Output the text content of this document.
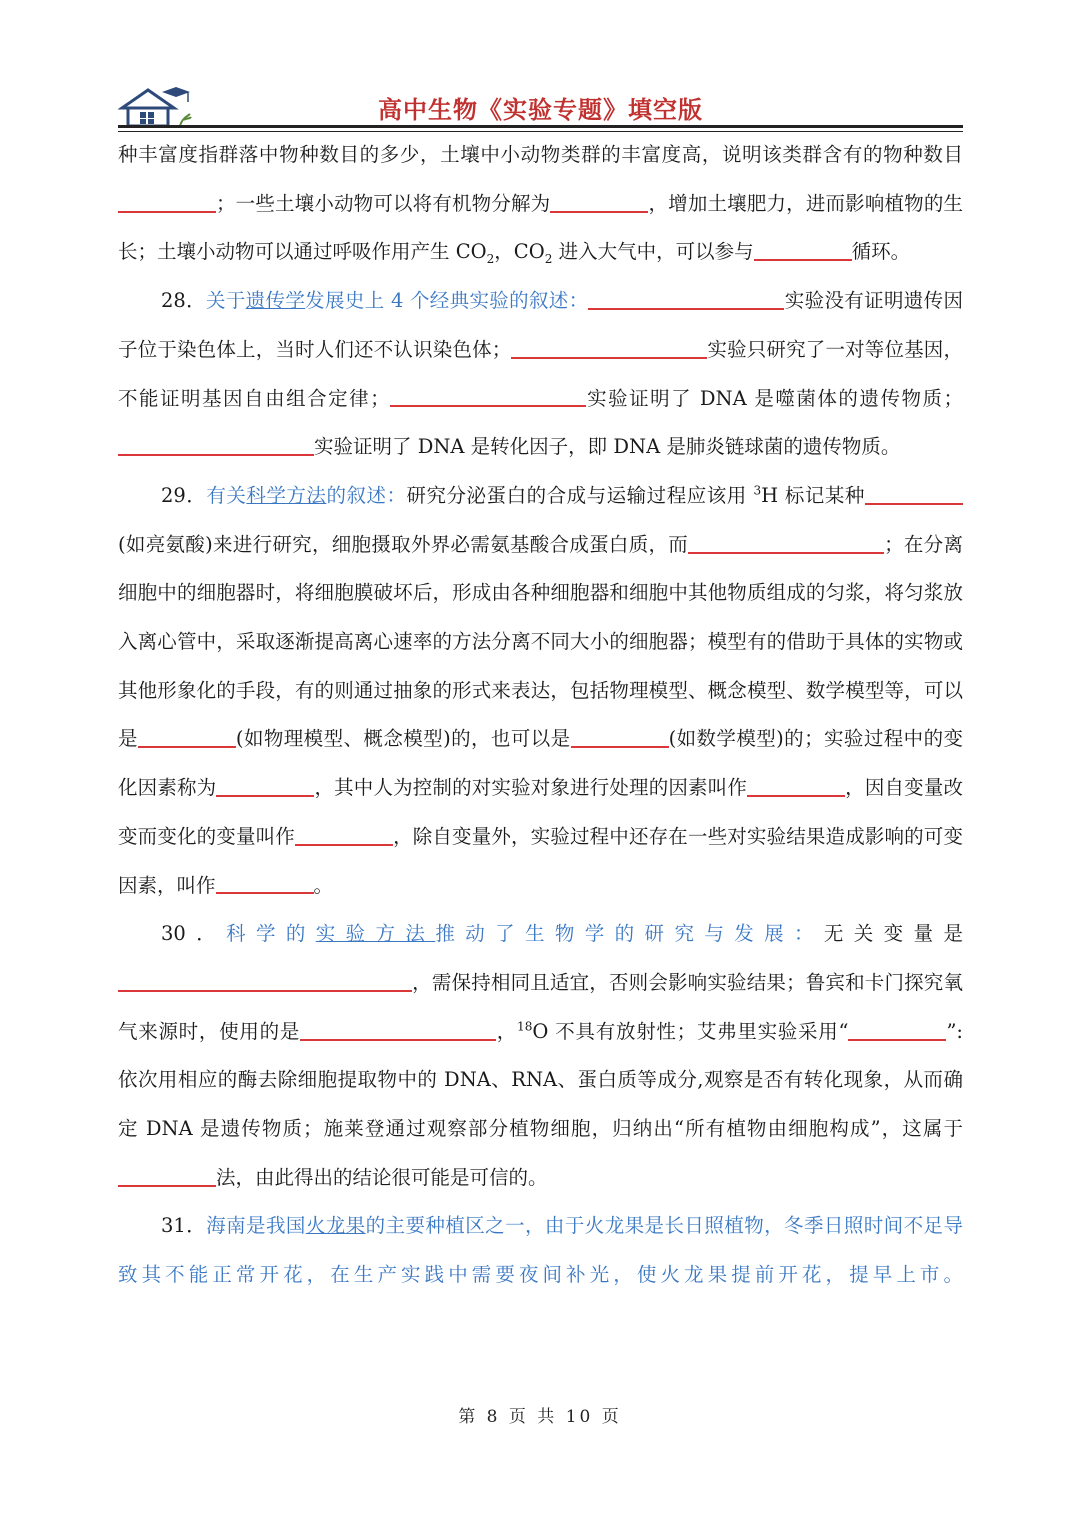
高中生物《实验专题》填空版

种丰富度指群落中物种数目的多少，土壤中小动物类群的丰富度高，说明该类群含有的物种数目；一些土壤小动物可以将有机物分解为	，增加土壤肥力，进而影响植物的生长；土壤小动物可以通过呼吸作用产生 $CO_2$，$CO_2$ 进入大气中，可以参与	循环。

28．关于遗传学发展史上 4 个经典实验的叙述：	实验没有证明遗传因子位于染色体上，当时人们还不认识染色体；	实验只研究了一对等位基因，不能证明基因自由组合定律；	实验证明了 DNA 是噬菌体的遗传物质；实验证明了 DNA 是转化因子，即 DNA 是肺炎链球菌的遗传物质。

29．有关科学方法的叙述：研究分泌蛋白的合成与运输过程应该用 $^3$H 标记某种(如亮氨酸)来进行研究，细胞摄取外界必需氨基酸合成蛋白质，而	；在分离细胞中的细胞器时，将细胞膜破坏后，形成由各种细胞器和细胞中其他物质组成的匀浆，将匀浆放入离心管中，采取逐渐提高离心速率的方法分离不同大小的细胞器；模型有的借助于具体的实物或其他形象化的手段，有的则通过抽象的形式来表达，包括物理模型、概念模型、数学模型等，可以是	(如物理模型、概念模型)的，也可以是	(如数学模型)的；实验过程中的变化因素称为	，其中人为控制的对实验对象进行处理的因素叫作	，因自变量改变而变化的变量叫作	，除自变量外，实验过程中还存在一些对实验结果造成影响的可变因素，叫作	。

30．科学的实验方法推动了生物学的研究与发展：无关变量是，需保持相同且适宜，否则会影响实验结果；鲁宾和卡门探究氧气来源时，使用的是	，$^{18}$O 不具有放射性；艾弗里实验采用“	”:依次用相应的酶去除细胞提取物中的 DNA、RNA、蛋白质等成分,观察是否有转化现象，从而确定 DNA 是遗传物质；施莱登通过观察部分植物细胞，归纳出“所有植物由细胞构成”，这属于法，由此得出的结论很可能是可信的。

31．海南是我国火龙果的主要种植区之一，由于火龙果是长日照植物，冬季日照时间不足导致其不能正常开花，在生产实践中需要夜间补光，使火龙果提前开花，提早上市。

第 8 页 共 10 页
